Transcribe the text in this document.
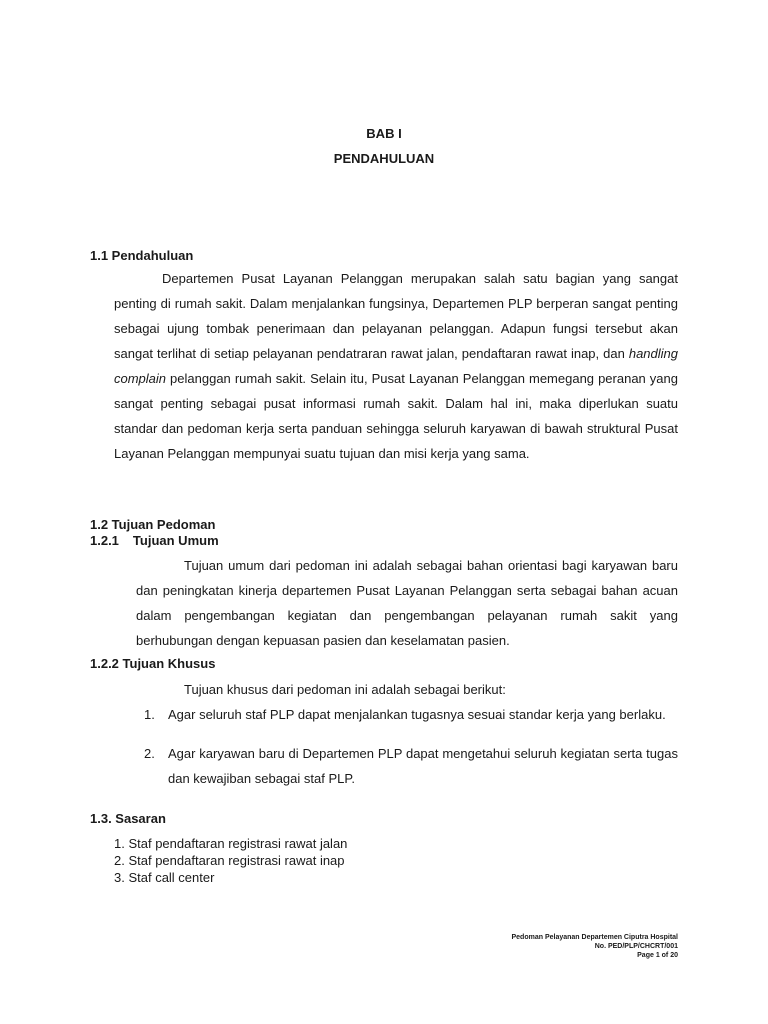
BAB I
PENDAHULUAN
1.1 Pendahuluan

Departemen Pusat Layanan Pelanggan merupakan salah satu bagian yang sangat penting di rumah sakit. Dalam menjalankan fungsinya, Departemen PLP berperan sangat penting sebagai ujung tombak penerimaan dan pelayanan pelanggan. Adapun fungsi tersebut akan sangat terlihat di setiap pelayanan pendatraran rawat jalan, pendaftaran rawat inap, dan handling complain pelanggan rumah sakit. Selain itu, Pusat Layanan Pelanggan memegang peranan yang sangat penting sebagai pusat informasi rumah sakit. Dalam hal ini, maka diperlukan suatu standar dan pedoman kerja serta panduan sehingga seluruh karyawan di bawah struktural Pusat Layanan Pelanggan mempunyai suatu tujuan dan misi kerja yang sama.

1.2 Tujuan Pedoman
1.2.1 Tujuan Umum

Tujuan umum dari pedoman ini adalah sebagai bahan orientasi bagi karyawan baru dan peningkatan kinerja departemen Pusat Layanan Pelanggan serta sebagai bahan acuan dalam pengembangan kegiatan dan pengembangan pelayanan rumah sakit yang berhubungan dengan kepuasan pasien dan keselamatan pasien.

1.2.2 Tujuan Khusus
Tujuan khusus dari pedoman ini adalah sebagai berikut:
1. Agar seluruh staf PLP dapat menjalankan tugasnya sesuai standar kerja yang berlaku.
2. Agar karyawan baru di Departemen PLP dapat mengetahui seluruh kegiatan serta tugas dan kewajiban sebagai staf PLP.
1.3. Sasaran
1. Staf pendaftaran registrasi rawat jalan
2. Staf pendaftaran registrasi rawat inap
3. Staf call center
Pedoman Pelayanan Departemen Ciputra Hospital
No. PED/PLP/CHCRT/001
Page 1 of 20
